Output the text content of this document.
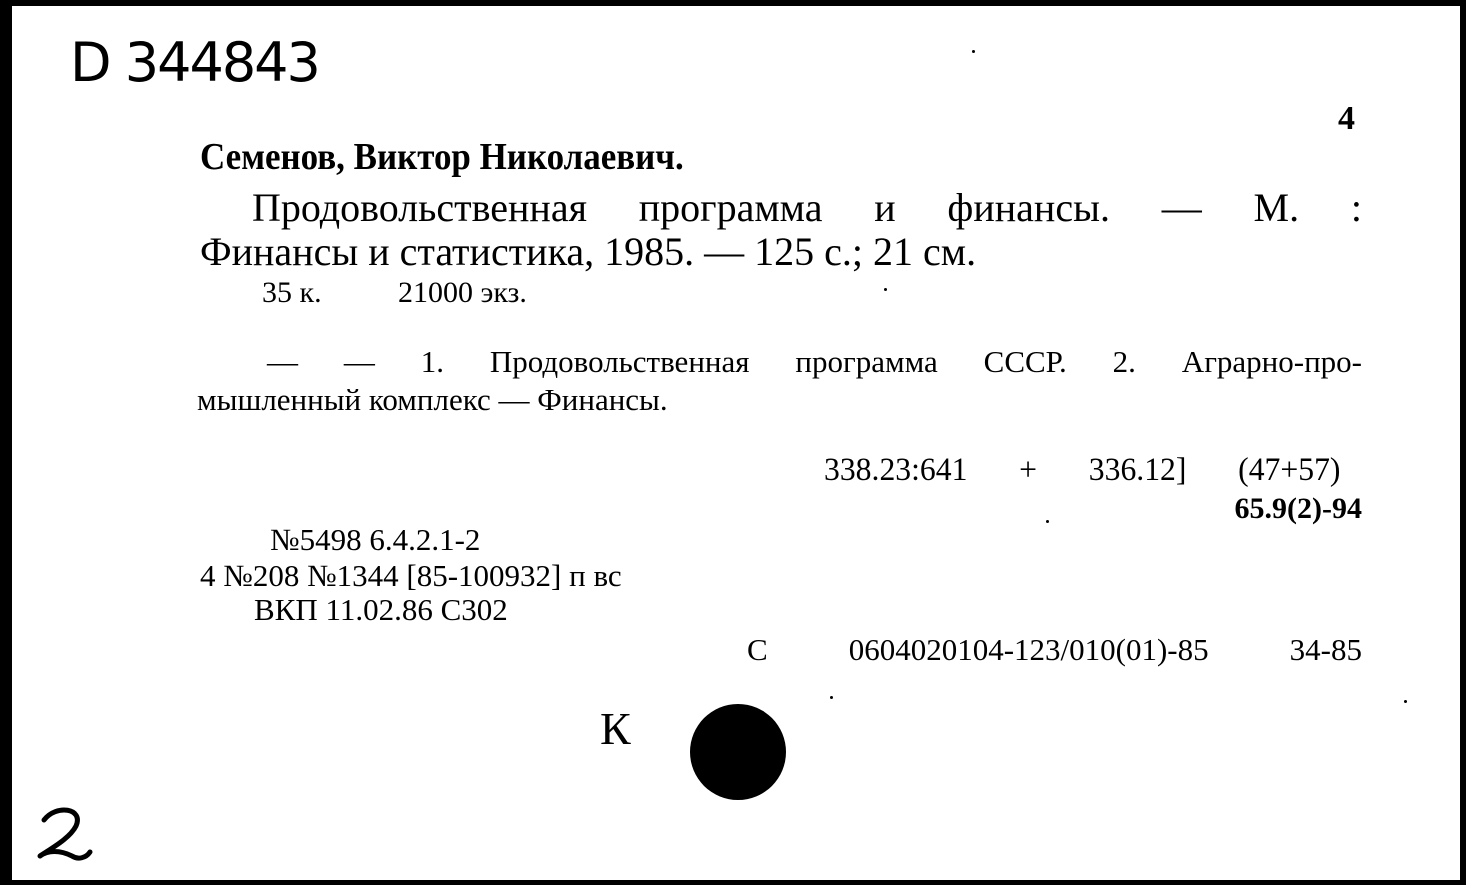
D 344843
4
Семенов, Виктор Николаевич.
Продовольственная программа и финансы. — М. :
Финансы и статистика, 1985. — 125 с.; 21 см.
35 к.	21000 экз.
— — 1. Продовольственная программа СССР. 2. Аграрно-про-
мышленный комплекс — Финансы.
338.23:641 + 336.12] (47+57)
65.9(2)-94
№5498 6.4.2.1-2
4 №208 №1344 [85-100932] п вс
ВКП 11.02.86 С302
С 0604020104-123/010(01)-85 34-85
К
